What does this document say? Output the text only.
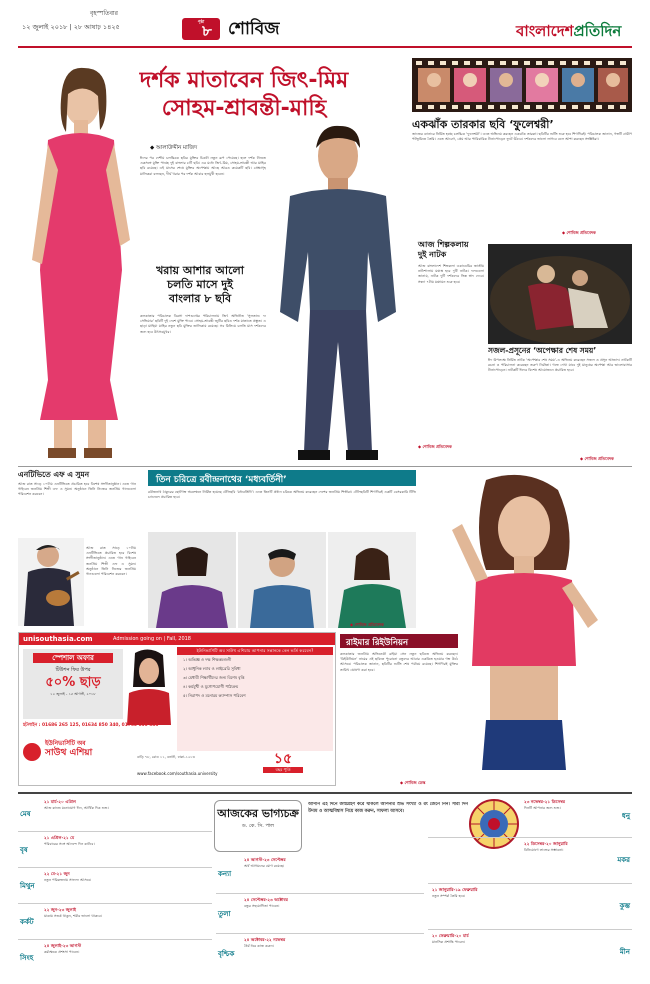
বৃহস্পতিবার
১২ জুলাই ২০১৮ | ২৮ আষাঢ় ১৪২৫
পৃষ্ঠা
৮ শোবিজ	বাংলাদেশপ্রতিদিন
দর্শক মাতাবেন জিৎ-মিম
সোহম-শ্রাবন্তী-মাহি
◆ আলাউদ্দীন মাজিদ
ঈদের পর দেশীয় চলচ্চিত্রে ছবির মুক্তির চিত্রটা নতুন রূপ পেয়েছে। হলে দর্শক টানতে একসঙ্গে মুক্তি পাচ্ছে দুই বাংলার ৮টি ছবি। এর মধ্যে জিৎ-মিম, সোহম-শ্রাবন্তী আর মাহির ছবি রয়েছে। এই মাসের শেষে মুক্তির অপেক্ষায় আছে আরও কয়েকটি ছবি। প্রেক্ষাগৃহ মালিকরা বলছেন, দীর্ঘ খরার পর দর্শক আবার হলমুখী হবেন।
খরায় আশার আলো
চলতি মাসে দুই
বাংলার ৮ ছবি
কলকাতার পরিচালক বিরসা দাশগুপ্তের পরিচালনায় জিৎ অভিনীত ‘সুলতান: দ্য সেভিয়ার’ ছবিটি দুই দেশে মুক্তি পাবে। সোহম-শ্রাবন্তী জুটির ছবিও দর্শক মাতাতে প্রস্তুত। এ ছাড়া মাহিয়া মাহির নতুন ছবি মুক্তির তালিকায় রয়েছে। সব মিলিয়ে চলতি মাস দর্শকদের জন্য হবে উৎসবমুখর।
একঝাঁক তারকার ছবি ‘ফুলেশ্বরী’
জাজের ব্যানারে নির্মিত হচ্ছে চলচ্চিত্র ‘ফুলেশ্বরী’। এতে অভিনয় করছেন একঝাঁক তারকা। ছবিটির শুটিং শুরু হবে শিগগিরই। পরিচালক জানান, গল্পটি গ্রামীণ পটভূমিতে তৈরি। এতে আবেগ, প্রেম আর পারিবারিক টানাপোড়েন ফুটে উঠবে। দর্শকদের ভালো লাগবে বলে আশা করছেন সংশ্লিষ্টরা।
◆ শোবিজ প্রতিবেদক
আজ শিল্পকলায়
দুই নাটক
আজ বাংলাদেশ শিল্পকলা একাডেমির জাতীয় নাট্যশালায় মঞ্চস্থ হবে দুটি নাটক। দলগুলো জানায়, নাটক দুটি দর্শকদের ভিন্ন স্বাদ দেবে। সন্ধ্যা ৭টায় মঞ্চায়ন শুরু হবে।
◆ শোবিজ প্রতিবেদক
সজল-প্রসূনের ‘অপেক্ষার শেষ সময়’
ঈদ উপলক্ষে নির্মিত নাটক ‘অপেক্ষার শেষ সময়’-এ অভিনয় করেছেন সজল ও প্রসূন আজাদ। নাটকটি রচনা ও পরিচালনা করেছেন তরুণ নির্মাতা। গল্পে দেখা যাবে দুই মানুষের অপেক্ষা আর ভালোবাসার টানাপোড়েন। নাটকটি ঈদের বিশেষ আয়োজনে প্রচারিত হবে।
◆ শোবিজ প্রতিবেদক
এনটিভিতে এফ এ সুমন
আজ রাত সাড়ে ১০টায় এনটিভিতে প্রচারিত হবে বিশেষ সংগীতানুষ্ঠান। এতে গান গাইবেন জনপ্রিয় শিল্পী এফ এ সুমন। অনুষ্ঠানে তিনি নিজের জনপ্রিয় গানগুলো পরিবেশন করবেন।
আজ রাত সাড়ে ১০টায় এনটিভিতে প্রচারিত হবে বিশেষ সংগীতানুষ্ঠান। এতে গান গাইবেন জনপ্রিয় শিল্পী এফ এ সুমন। অনুষ্ঠানে তিনি নিজের জনপ্রিয় গানগুলো পরিবেশন করবেন।
তিন চরিত্রে রবীন্দ্রনাথের ‘মধ্যবর্তিনী’
রবীন্দ্রনাথ ঠাকুরের ছোটগল্প অবলম্বনে নির্মিত হয়েছে টেলিছবি ‘মধ্যবর্তিনী’। এতে তিনটি প্রধান চরিত্রে অভিনয় করেছেন দেশের জনপ্রিয় শিল্পীরা। টেলিছবিটি শিগগিরই একটি বেসরকারি টিভি চ্যানেলে প্রচারিত হবে।
◆ শোবিজ প্রতিবেদক
unisouthasia.com	Admission going on | Fall, 2018
স্পেশাল অফার
টিউশন ফির উপর
৫০% ছাড়
১২ জুলাই - ১৫ আগস্ট, ২০১৮
ইউনিভার্সিটি অব সাউথ এশিয়ায় আপনার সন্তানকে কেন ভর্তি করবেন?
১। অভিজ্ঞ ও দক্ষ শিক্ষকমণ্ডলী
২। আধুনিক ল্যাব ও লাইব্রেরি সুবিধা
৩। মেধাবী শিক্ষার্থীদের জন্য বিশেষ বৃত্তি
৪। কর্মমুখী ও যুগোপযোগী পাঠ্যক্রম
৫। নিরাপদ ও মনোরম ক্যাম্পাস পরিবেশ
হটলাইন : 01686 265 125, 01634 850 340, 01763 030 636
ইউনিভার্সিটি অব
সাউথ এশিয়া	বাড়ি ৭৮, রোড ১১, বনানী, ঢাকা-১২১৩
www.facebook.com/southasia.university
১৫
বছর পূর্তি
রাইমার রিইউনিয়ন
কলকাতার জনপ্রিয় অভিনেত্রী রাইমা সেন নতুন ছবিতে অভিনয় করছেন। ‘রিইউনিয়ন’ নামের এই ছবিতে পুরোনো বন্ধুদের আবার একত্রিত হওয়ার গল্প উঠে আসবে। পরিচালক জানান, ছবিটির শুটিং শেষ পর্যায়ে রয়েছে। শিগগিরই মুক্তির তারিখ ঘোষণা করা হবে।
◆ শোবিজ ডেস্ক
আজকের ভাগ্যচক্র
ড. কে. সি. পাল
আপনি এই দিনে জন্মগ্রহণ করে থাকলে আপনার শুভ সংখ্যা ও রং জেনে নিন। সারা দিন উদ্যম ও আত্মবিশ্বাস নিয়ে কাজ করুন, সাফল্য আসবে।
মেষ
২১ মার্চ-২০ এপ্রিল
আজ কাজে মনোযোগ দিন, আর্থিক দিক শুভ।
বৃষ
২১ এপ্রিল-২১ মে
পরিবারের সঙ্গে আনন্দে দিন কাটবে।
মিথুন
২২ মে-২১ জুন
নতুন পরিকল্পনায় সাফল্য আসবে।
কর্কট
২২ জুন-২৩ জুলাই
যাত্রায় সতর্ক থাকুন, শরীর ভালো থাকবে।
সিংহ
২৪ জুলাই-২৩ আগস্ট
কর্মক্ষেত্রে প্রশংসা পাবেন।
কন্যা
২৪ আগস্ট-২৩ সেপ্টেম্বর
অর্থ আগমনের যোগ রয়েছে।
তুলা
২৪ সেপ্টেম্বর-২৩ অক্টোবর
বন্ধুর সহযোগিতা পাবেন।
বৃশ্চিক
২৪ অক্টোবর-২২ নভেম্বর
ধৈর্য ধরে কাজ করুন।
ধনু
২৩ নভেম্বর-২১ ডিসেম্বর
দিনটি আপনার জন্য শুভ।
মকর
২২ ডিসেম্বর-২০ জানুয়ারি
বিনিয়োগে লাভের সম্ভাবনা।
কুম্ভ
২১ জানুয়ারি-১৯ ফেব্রুয়ারি
নতুন সম্পর্ক তৈরি হবে।
মীন
২০ ফেব্রুয়ারি-২০ মার্চ
মানসিক প্রশান্তি পাবেন।
